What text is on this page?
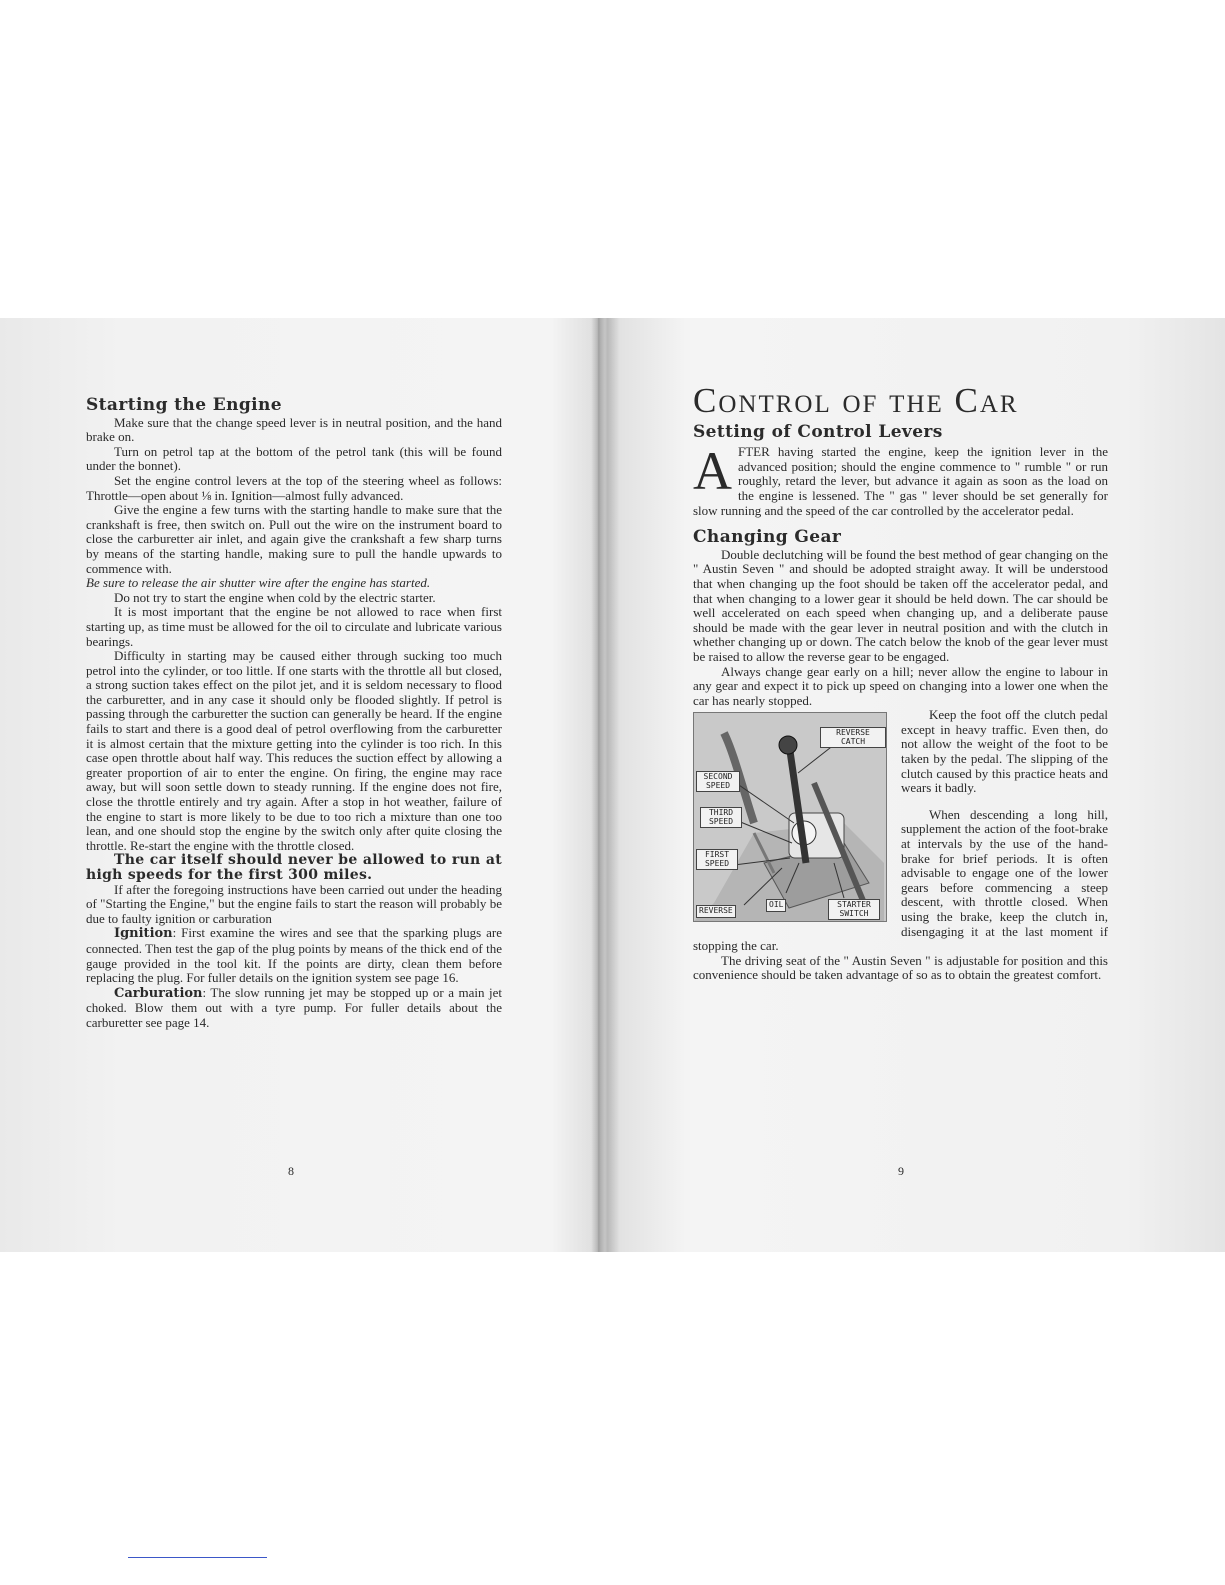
Starting the Engine

Make sure that the change speed lever is in neutral position, and the hand brake on.

Turn on petrol tap at the bottom of the petrol tank (this will be found under the bonnet).

Set the engine control levers at the top of the steering wheel as follows: Throttle—open about ⅛ in. Ignition—almost fully advanced.

Give the engine a few turns with the starting handle to make sure that the crankshaft is free, then switch on. Pull out the wire on the instrument board to close the carburetter air inlet, and again give the crankshaft a few sharp turns by means of the starting handle, making sure to pull the handle upwards to commence with.

Be sure to release the air shutter wire after the engine has started.

Do not try to start the engine when cold by the electric starter.

It is most important that the engine be not allowed to race when first starting up, as time must be allowed for the oil to circulate and lubricate various bearings.

Difficulty in starting may be caused either through sucking too much petrol into the cylinder, or too little. If one starts with the throttle all but closed, a strong suction takes effect on the pilot jet, and it is seldom necessary to flood the carburetter, and in any case it should only be flooded slightly. If petrol is passing through the carburetter the suction can generally be heard. If the engine fails to start and there is a good deal of petrol overflowing from the carburetter it is almost certain that the mixture getting into the cylinder is too rich. In this case open throttle about half way. This reduces the suction effect by allowing a greater proportion of air to enter the engine. On firing, the engine may race away, but will soon settle down to steady running. If the engine does not fire, close the throttle entirely and try again. After a stop in hot weather, failure of the engine to start is more likely to be due to too rich a mixture than one too lean, and one should stop the engine by the switch only after quite closing the throttle. Re-start the engine with the throttle closed.

The car itself should never be allowed to run at high speeds for the first 300 miles.

If after the foregoing instructions have been carried out under the heading of "Starting the Engine," but the engine fails to start the reason will probably be due to faulty ignition or carburation

Ignition: First examine the wires and see that the sparking plugs are connected. Then test the gap of the plug points by means of the thick end of the gauge provided in the tool kit. If the points are dirty, clean them before replacing the plug. For fuller details on the ignition system see page 16.

Carburation: The slow running jet may be stopped up or a main jet choked. Blow them out with a tyre pump. For fuller details about the carburetter see page 14.

8
Control of the Car
Setting of Control Levers

AFTER having started the engine, keep the ignition lever in the advanced position; should the engine commence to " rumble " or run roughly, retard the lever, but advance it again as soon as the load on the engine is lessened. The " gas " lever should be set generally for slow running and the speed of the car controlled by the accelerator pedal.

Changing Gear

Double declutching will be found the best method of gear changing on the " Austin Seven " and should be adopted straight away. It will be understood that when changing up the foot should be taken off the accelerator pedal, and that when changing to a lower gear it should be held down. The car should be well accelerated on each speed when changing up, and a deliberate pause should be made with the gear lever in neutral position and with the clutch in whether changing up or down. The catch below the knob of the gear lever must be raised to allow the reverse gear to be engaged.

Always change gear early on a hill; never allow the engine to labour in any gear and expect it to pick up speed on changing into a lower one when the car has nearly stopped.

REVERSE CATCH
SECOND SPEED
THIRD SPEED
FIRST SPEED
REVERSE
OIL	STARTER SWITCH

Keep the foot off the clutch pedal except in heavy traffic. Even then, do not allow the weight of the foot to be taken by the pedal. The slipping of the clutch caused by this practice heats and wears it badly.

When descending a long hill, supplement the action of the foot-brake at intervals by the use of the hand-brake for brief periods. It is often advisable to engage one of the lower gears before commencing a steep descent, with throttle closed. When using the brake, keep the clutch in, disengaging it at the last moment if stopping the car.

The driving seat of the " Austin Seven " is adjustable for position and this convenience should be taken advantage of so as to obtain the greatest comfort.

9
